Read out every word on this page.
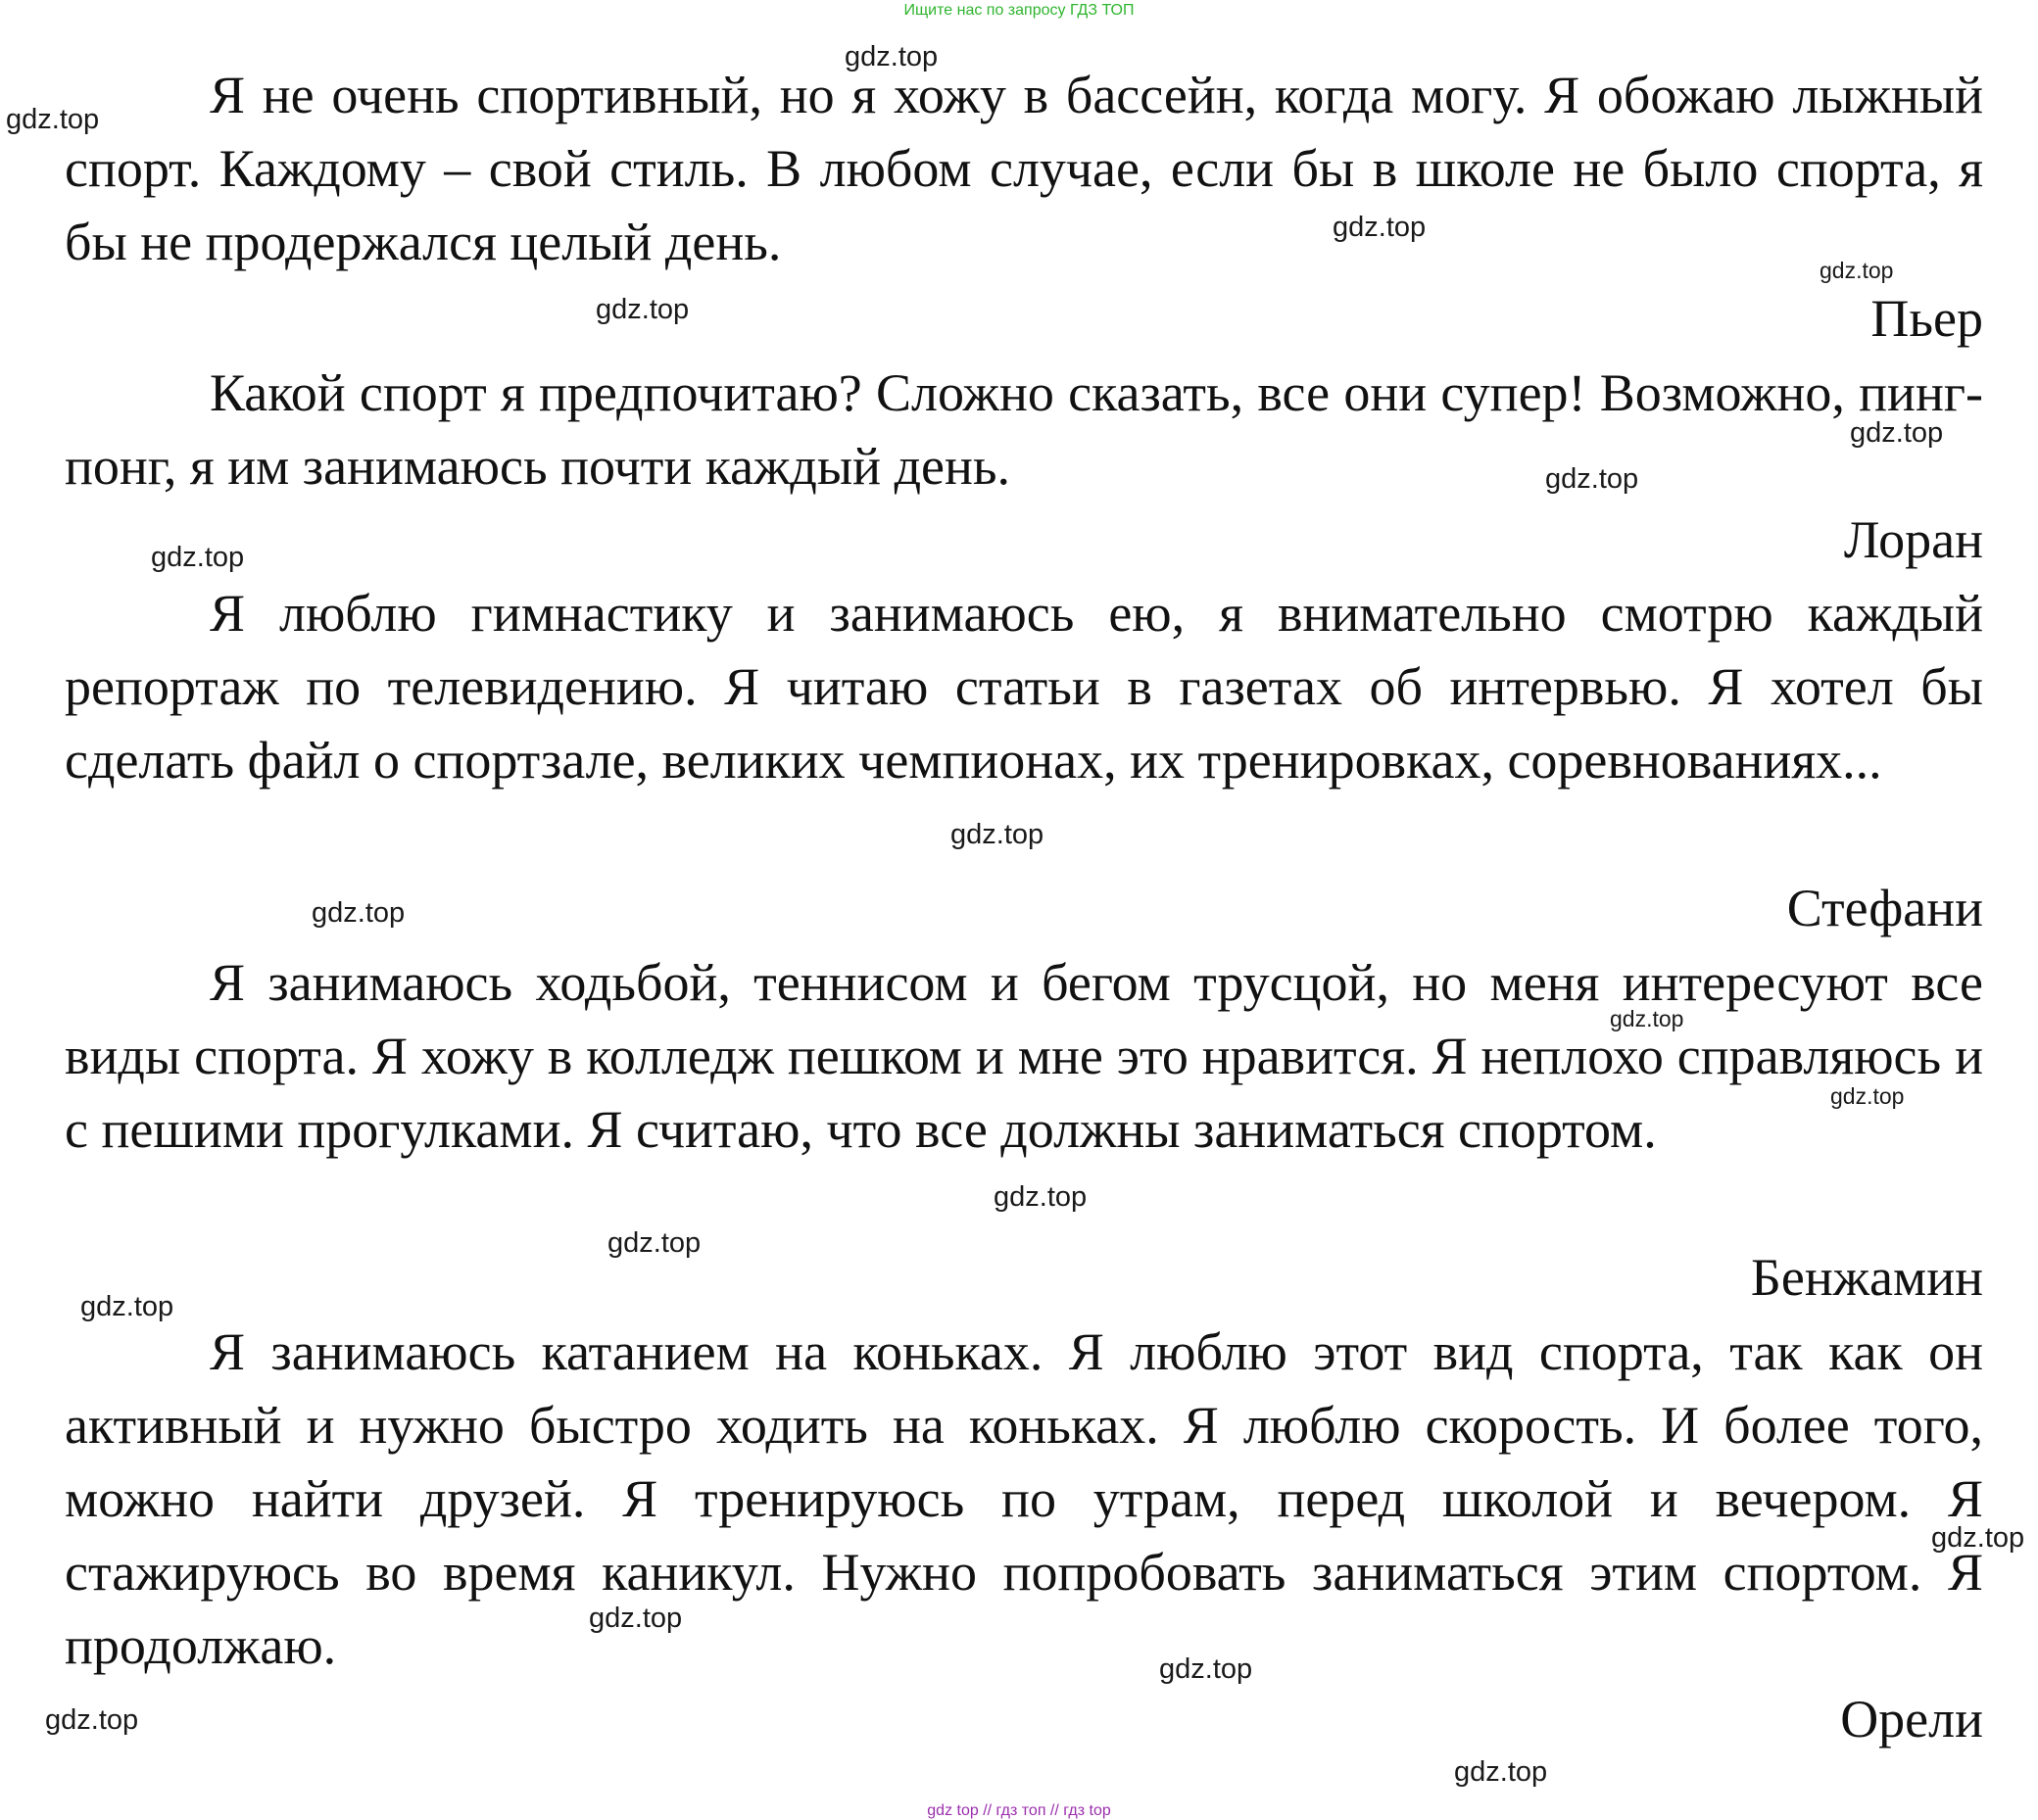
Ищите нас по запросу ГДЗ ТОП

Я не очень спортивный, но я хожу в бассейн, когда могу. Я обожаю лыжный спорт. Каждому – свой стиль. В любом случае, если бы в школе не было спорта, я бы не продержался целый день.

Пьер

Какой спорт я предпочитаю? Сложно сказать, все они супер! Возможно, пинг-понг, я им занимаюсь почти каждый день.

Лоран

Я люблю гимнастику и занимаюсь ею, я внимательно смотрю каждый репортаж по телевидению. Я читаю статьи в газетах об интервью. Я хотел бы сделать файл о спортзале, великих чемпионах, их тренировках, соревнованиях...

Стефани

Я занимаюсь ходьбой, теннисом и бегом трусцой, но меня интересуют все виды спорта. Я хожу в колледж пешком и мне это нравится. Я неплохо справляюсь и с пешими прогулками. Я считаю, что все должны заниматься спортом.

Бенжамин

Я занимаюсь катанием на коньках. Я люблю этот вид спорта, так как он активный и нужно быстро ходить на коньках. Я люблю скорость. И более того, можно найти друзей. Я тренируюсь по утрам, перед школой и вечером. Я стажируюсь во время каникул. Нужно попробовать заниматься этим спортом. Я продолжаю.

Орели

gdz.top
gdz.top
gdz.top
gdz.top
gdz.top
gdz.top
gdz.top
gdz.top
gdz.top
gdz.top
gdz.top
gdz.top
gdz.top
gdz.top
gdz.top
gdz.top
gdz.top
gdz.top
gdz.top
gdz.top
gdz top // гдз топ // гдз top
